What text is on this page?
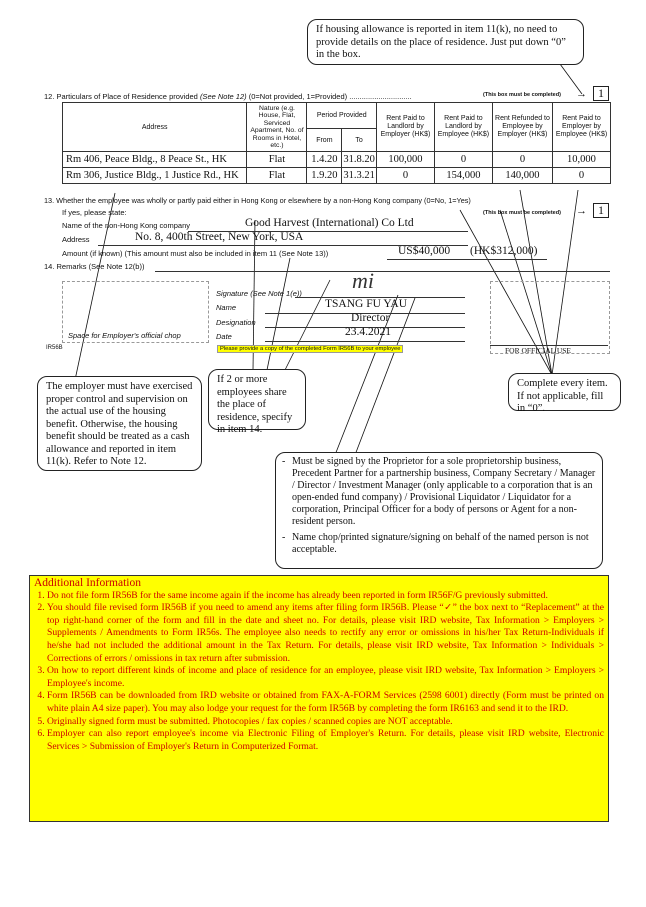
If housing allowance is reported in item 11(k), no need to provide details on the place of residence. Just put down “0” in the box.
12. Particulars of Place of Residence provided (See Note 12) (0=Not provided, 1=Provided) ..............................	(This box must be completed) → 1
Address	Nature (e.g. House, Flat, Serviced Apartment, No. of Rooms in Hotel, etc.)	Period Provided		Rent Paid to Landlord by Employer (HK$)	Rent Paid to Landlord by Employee (HK$)	Rent Refunded to Employee by Employer (HK$)	Rent Paid to Employer by Employee (HK$)
		From	To				
Rm 406, Peace Bldg., 8 Peace St., HK	Flat	1.4.20	31.8.20	100,000	0	0	10,000
Rm 306, Justice Bldg., 1 Justice Rd., HK	Flat	1.9.20	31.3.21	0	154,000	140,000	0
13. Whether the employee was wholly or partly paid either in Hong Kong or elsewhere by a non-Hong Kong company (0=No, 1=Yes)
(This box must be completed) → 1
If yes, please state:
Name of the non-Hong Kong company	Good Harvest (International) Co Ltd
Address	No. 8, 400th Street, New York, USA
Amount (if known) (This amount must also be included in item 11 (See Note 13))	US$40,000 (HK$312,000)
14. Remarks (See Note 12(b))
Space for Employer's official chop
IR56B
Signature (See Note 1(e))
mi
Name	TSANG FU YAU
Designation	Director
Date	23.4.2021
Please provide a copy of the completed Form IR56B to your employee	FOR OFFICIAL USE
The employer must have exercised proper control and supervision on the actual use of the housing benefit. Otherwise, the housing benefit should be treated as a cash allowance and reported in item 11(k). Refer to Note 12.
If 2 or more employees share the place of residence, specify in item 14.
Complete every item. If not applicable, fill in “0”.
- Must be signed by the Proprietor for a sole proprietorship business, Precedent Partner for a partnership business, Company Secretary / Manager / Director / Investment Manager (only applicable to a corporation that is an open-ended fund company) / Provisional Liquidator / Liquidator for a corporation, Principal Officer for a body of persons or Agent for a non-resident person.
- Name chop/printed signature/signing on behalf of the named person is not acceptable.
Additional Information
1. Do not file form IR56B for the same income again if the income has already been reported in form IR56F/G previously submitted.
2. You should file revised form IR56B if you need to amend any items after filing form IR56B. Please “✓” the box next to “Replacement” at the top right-hand corner of the form and fill in the date and sheet no. For details, please visit IRD website, Tax Information > Employers > Supplements / Amendments to Form IR56s. The employee also needs to rectify any error or omissions in his/her Tax Return-Individuals if he/she had not included the additional amount in the Tax Return. For details, please visit IRD website, Tax Information > Individuals > Corrections of errors / omissions in tax return after submission.
3. On how to report different kinds of income and place of residence for an employee, please visit IRD website, Tax Information > Employers > Employee's income.
4. Form IR56B can be downloaded from IRD website or obtained from FAX-A-FORM Services (2598 6001) directly (Form must be printed on white plain A4 size paper). You may also lodge your request for the form IR56B by completing the form IR6163 and send it to the IRD.
5. Originally signed form must be submitted. Photocopies / fax copies / scanned copies are NOT acceptable.
6. Employer can also report employee's income via Electronic Filing of Employer's Return. For details, please visit IRD website, Electronic Services > Submission of Employer's Return in Computerized Format.
